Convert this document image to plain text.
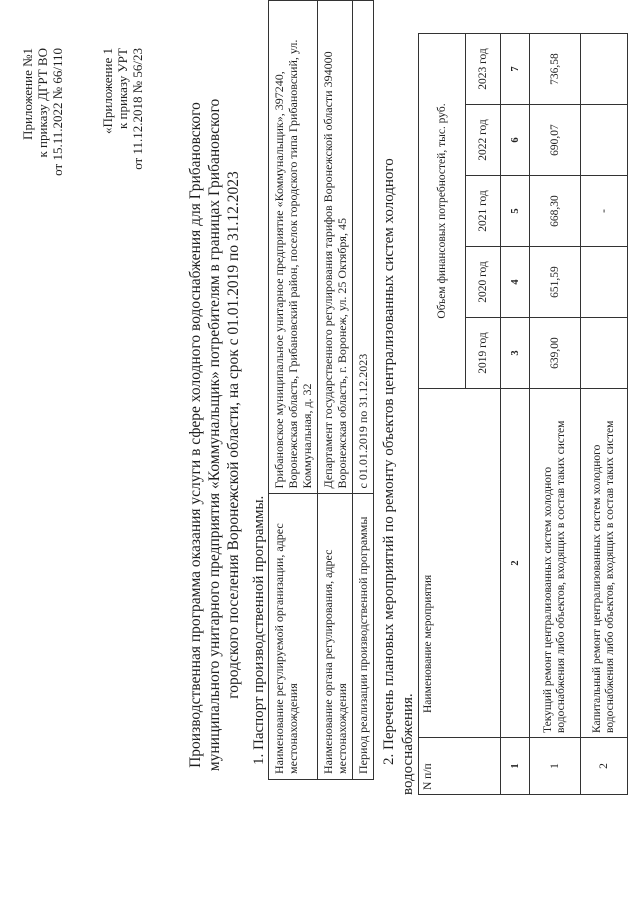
Приложение №1 к приказу ДГРТ ВО от 15.11.2022 № 66/110	«Приложение 1 к приказу УРТ от 11.12.2018 № 56/23	Производственная программа оказания услуги в сфере холодного водоснабжения для Грибановского муниципального унитарного предприятия «Коммунальщик» потребителям в границах Грибановского городского поселения Воронежской области, на срок с 01.01.2019 по 31.12.2023 1. Паспорт производственной программы. Наименование регулируемой организации, адрес местонахождения	Грибановское муниципальное унитарное предприятие «Коммунальщик», 397240, Воронежская область, Грибановский район, поселок городского типа Грибановский, ул. Коммунальная, д. 32
Наименование органа регулирования, адрес местонахождения	Департамент государственного регулирования тарифов Воронежской области 394000 Воронежская область, г. Воронеж, ул. 25 Октября, 45
Период реализации производственной программы	с 01.01.2019 по 31.12.2023 2. Перечень плановых мероприятий по ремонту объектов централизованных систем холодного водоснабжения. N п/п	Наименование мероприятия	Объем финансовых потребностей, тыс. руб.				
		2019 год	2020 год	2021 год	2022 год	2023 год
1	2	3	4	5	6	7
1	Текущий ремонт централизованных систем холодного водоснабжения либо объектов, входящих в состав таких систем	639,00	651,59	668,30	690,07	736,58
2	Капитальный ремонт централизованных систем холодного водоснабжения либо объектов, входящих в состав таких систем			-		
